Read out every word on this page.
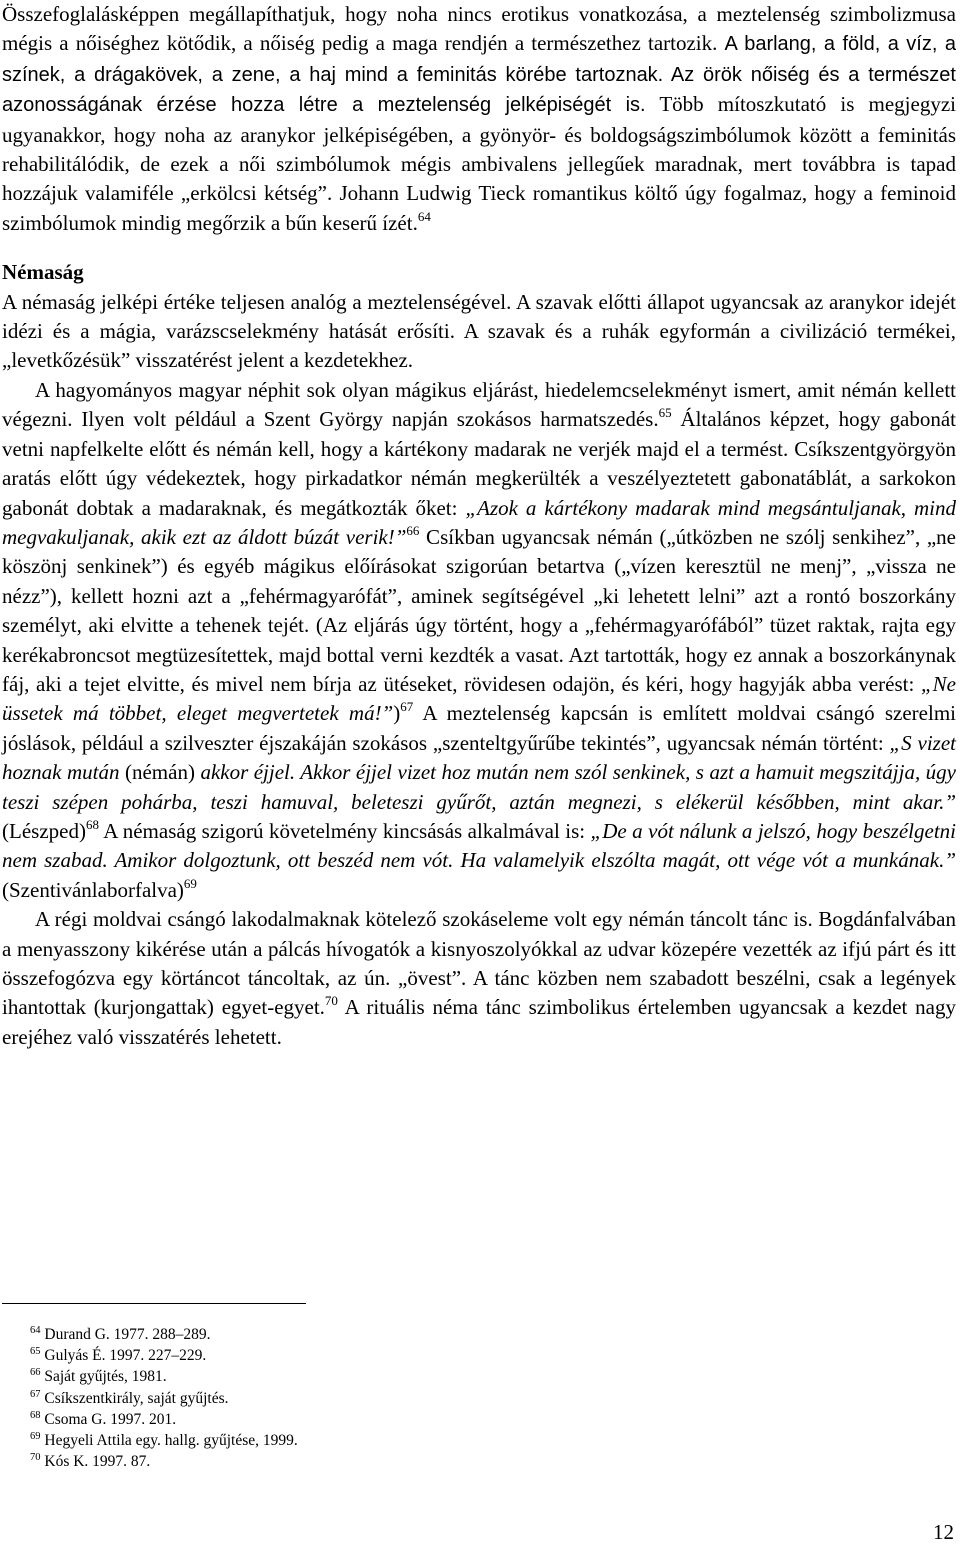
Összefoglalásképpen megállapíthatjuk, hogy noha nincs erotikus vonatkozása, a meztelenség szimbolizmusa mégis a nőiséghez kötődik, a nőiség pedig a maga rendjén a természethez tartozik. A barlang, a föld, a víz, a színek, a drágakövek, a zene, a haj mind a feminitás körébe tartoznak. Az örök nőiség és a természet azonosságának érzése hozza létre a meztelenség jelképiségét is. Több mítoszkutató is megjegyzi ugyanakkor, hogy noha az aranykor jelképiségében, a gyönyör- és boldogságszimbólumok között a feminitás rehabilitálódik, de ezek a női szimbólumok mégis ambivalens jellegűek maradnak, mert továbbra is tapad hozzájuk valamiféle „erkölcsi kétség”. Johann Ludwig Tieck romantikus költő úgy fogalmaz, hogy a feminoid szimbólumok mindig megőrzik a bűn keserű ízét.$^{64}$

Némaság

A némaság jelképi értéke teljesen analóg a meztelenségével. A szavak előtti állapot ugyancsak az aranykor idejét idézi és a mágia, varázscselekmény hatását erősíti. A szavak és a ruhák egyformán a civilizáció termékei, „levetkőzésük” visszatérést jelent a kezdetekhez.

A hagyományos magyar néphit sok olyan mágikus eljárást, hiedelemcselekményt ismert, amit némán kellett végezni. Ilyen volt például a Szent György napján szokásos harmatszedés.$^{65}$ Általános képzet, hogy gabonát vetni napfelkelte előtt és némán kell, hogy a kártékony madarak ne verjék majd el a termést. Csíkszentgyörgyön aratás előtt úgy védekeztek, hogy pirkadatkor némán megkerülték a veszélyeztetett gabonatáblát, a sarkokon gabonát dobtak a madaraknak, és megátkozták őket: „Azok a kártékony madarak mind megsántuljanak, mind megvakuljanak, akik ezt az áldott búzát verik!”$^{66}$ Csíkban ugyancsak némán („útközben ne szólj senkihez”, „ne köszönj senkinek”) és egyéb mágikus előírásokat szigorúan betartva („vízen keresztül ne menj”, „vissza ne nézz”), kellett hozni azt a „fehérmagyarófát”, aminek segítségével „ki lehetett lelni” azt a rontó boszorkány személyt, aki elvitte a tehenek tejét. (Az eljárás úgy történt, hogy a „fehérmagyarófából” tüzet raktak, rajta egy kerékabroncsot megtüzesítettek, majd bottal verni kezdték a vasat. Azt tartották, hogy ez annak a boszorkánynak fáj, aki a tejet elvitte, és mivel nem bírja az ütéseket, rövidesen odajön, és kéri, hogy hagyják abba verést: „Ne üssetek má többet, eleget megvertetek má!”)$^{67}$ A meztelenség kapcsán is említett moldvai csángó szerelmi jóslások, például a szilveszter éjszakáján szokásos „szenteltgyűrűbe tekintés”, ugyancsak némán történt: „S vizet hoznak mután (némán) akkor éjjel. Akkor éjjel vizet hoz mután nem szól senkinek, s azt a hamuit megszitájja, úgy teszi szépen pohárba, teszi hamuval, beleteszi gyűrőt, aztán megnezi, s elékerül későbben, mint akar.” (Lészped)$^{68}$ A némaság szigorú követelmény kincsásás alkalmával is: „De a vót nálunk a jelszó, hogy beszélgetni nem szabad. Amikor dolgoztunk, ott beszéd nem vót. Ha valamelyik elszólta magát, ott vége vót a munkának.” (Szentivánlaborfalva)$^{69}$

A régi moldvai csángó lakodalmaknak kötelező szokáseleme volt egy némán táncolt tánc is. Bogdánfalvában a menyasszony kikérése után a pálcás hívogatók a kisnyoszolyókkal az udvar közepére vezették az ifjú párt és itt összefogózva egy körtáncot táncoltak, az ún. „övest”. A tánc közben nem szabadott beszélni, csak a legények ihantottak (kurjongattak) egyet-egyet.$^{70}$ A rituális néma tánc szimbolikus értelemben ugyancsak a kezdet nagy erejéhez való visszatérés lehetett.

$^{64}$ Durand G. 1977. 288–289.
$^{65}$ Gulyás É. 1997. 227–229.
$^{66}$ Saját gyűjtés, 1981.
$^{67}$ Csíkszentkirály, saját gyűjtés.
$^{68}$ Csoma G. 1997. 201.
$^{69}$ Hegyeli Attila egy. hallg. gyűjtése, 1999.
$^{70}$ Kós K. 1997. 87.
12
